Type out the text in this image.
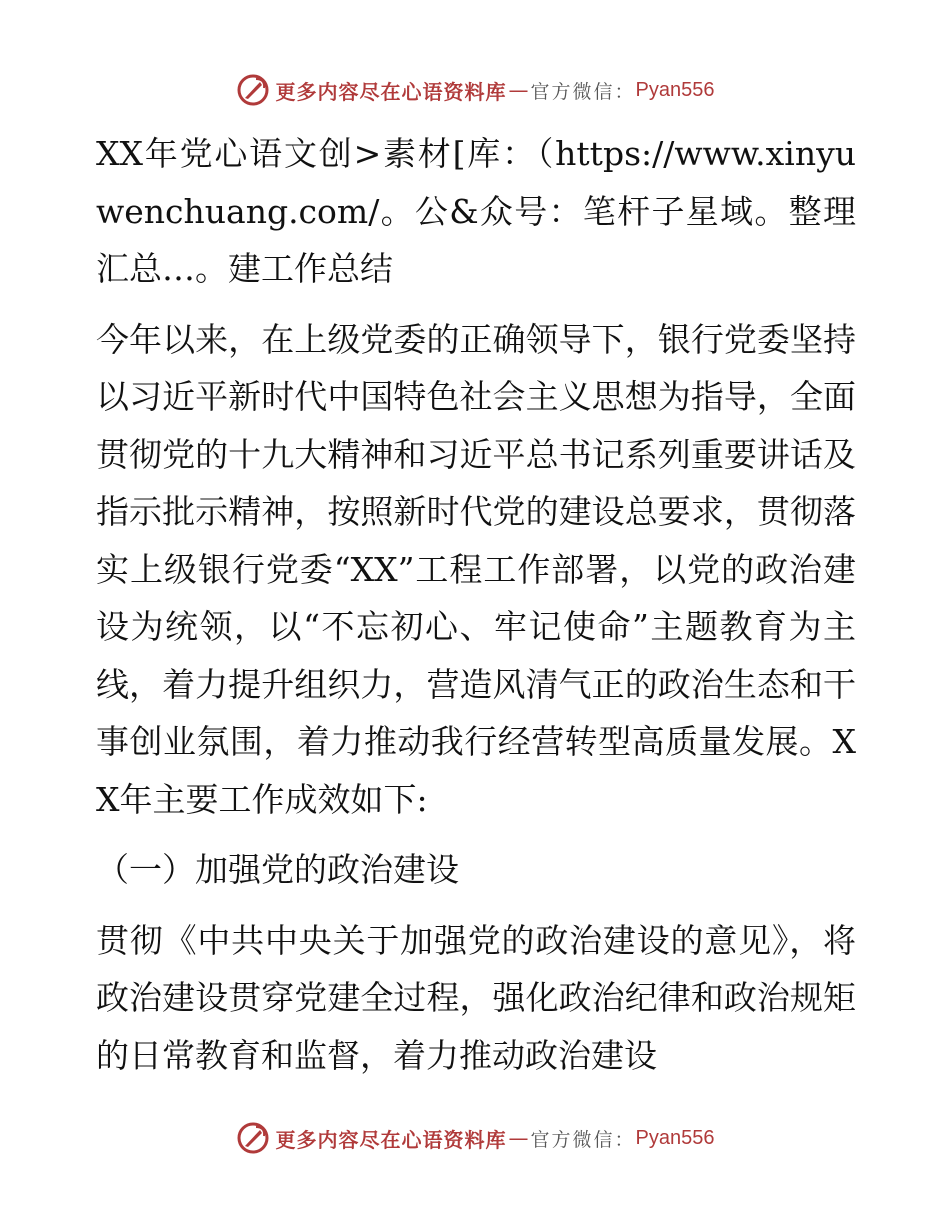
更多内容尽在心语资料库 — 官方微信： Pyan556

XX年党心语文创>素材[库：（https://www.xinyuwenchuang.com/。公&众号：笔杆子星域。整理汇总…。建工作总结

今年以来，在上级党委的正确领导下，银行党委坚持以习近平新时代中国特色社会主义思想为指导，全面贯彻党的十九大精神和习近平总书记系列重要讲话及指示批示精神，按照新时代党的建设总要求，贯彻落实上级银行党委“XX”工程工作部署，以党的政治建设为统领，以“不忘初心、牢记使命”主题教育为主线，着力提升组织力，营造风清气正的政治生态和干事创业氛围，着力推动我行经营转型高质量发展。XX年主要工作成效如下:

（一）加强党的政治建设

贯彻《中共中央关于加强党的政治建设的意见》，将政治建设贯穿党建全过程，强化政治纪律和政治规矩的日常教育和监督，着力推动政治建设

更多内容尽在心语资料库 — 官方微信： Pyan556
